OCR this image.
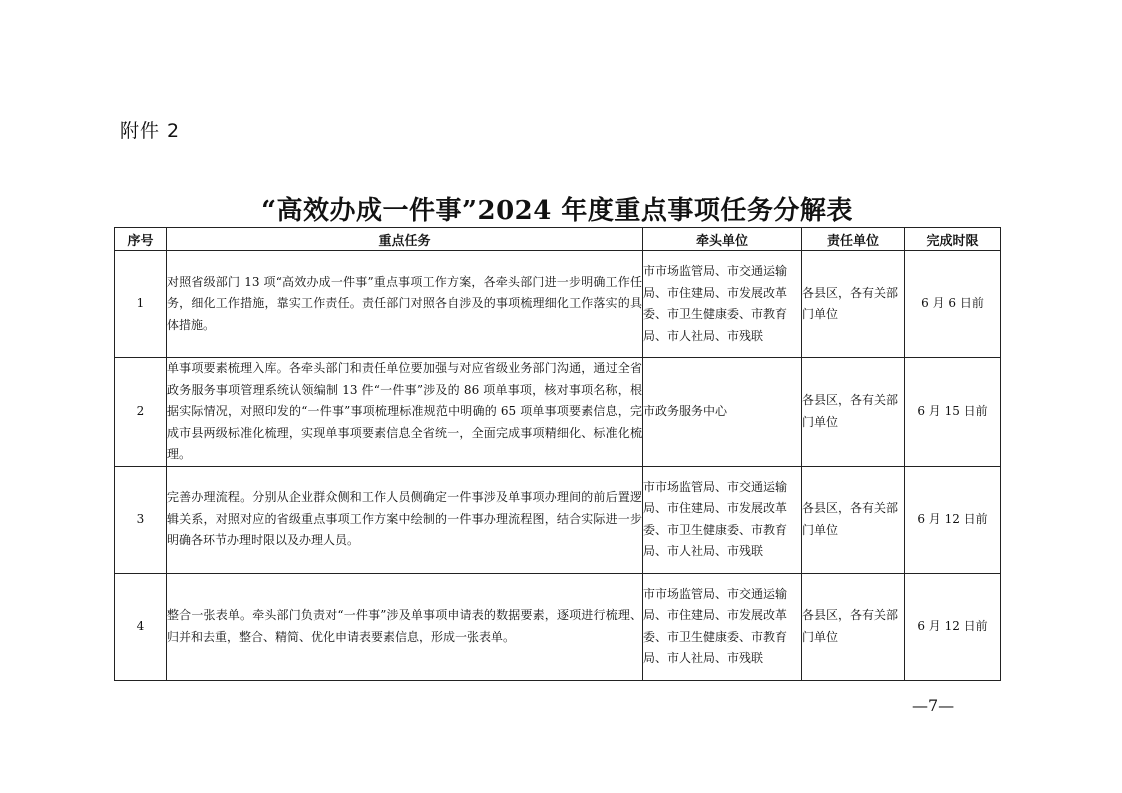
附件 2
“高效办成一件事”2024 年度重点事项任务分解表
序号	重点任务	牵头单位	责任单位	完成时限
1	对照省级部门 13 项“高效办成一件事”重点事项工作方案，各牵头部门进一步明确工作任务，细化工作措施，靠实工作责任。责任部门对照各自涉及的事项梳理细化工作落实的具体措施。	市市场监管局、市交通运输局、市住建局、市发展改革委、市卫生健康委、市教育局、市人社局、市残联	各县区，各有关部门单位	6 月 6 日前
2	单事项要素梳理入库。各牵头部门和责任单位要加强与对应省级业务部门沟通，通过全省政务服务事项管理系统认领编制 13 件“一件事”涉及的 86 项单事项，核对事项名称，根据实际情况，对照印发的“一件事”事项梳理标准规范中明确的 65 项单事项要素信息，完成市县两级标准化梳理，实现单事项要素信息全省统一，全面完成事项精细化、标准化梳理。	市政务服务中心	各县区，各有关部门单位	6 月 15 日前
3	完善办理流程。分别从企业群众侧和工作人员侧确定一件事涉及单事项办理间的前后置逻辑关系，对照对应的省级重点事项工作方案中绘制的一件事办理流程图，结合实际进一步明确各环节办理时限以及办理人员。	市市场监管局、市交通运输局、市住建局、市发展改革委、市卫生健康委、市教育局、市人社局、市残联	各县区，各有关部门单位	6 月 12 日前
4	整合一张表单。牵头部门负责对“一件事”涉及单事项申请表的数据要素，逐项进行梳理、归并和去重，整合、精简、优化申请表要素信息，形成一张表单。	市市场监管局、市交通运输局、市住建局、市发展改革委、市卫生健康委、市教育局、市人社局、市残联	各县区，各有关部门单位	6 月 12 日前
—7—
